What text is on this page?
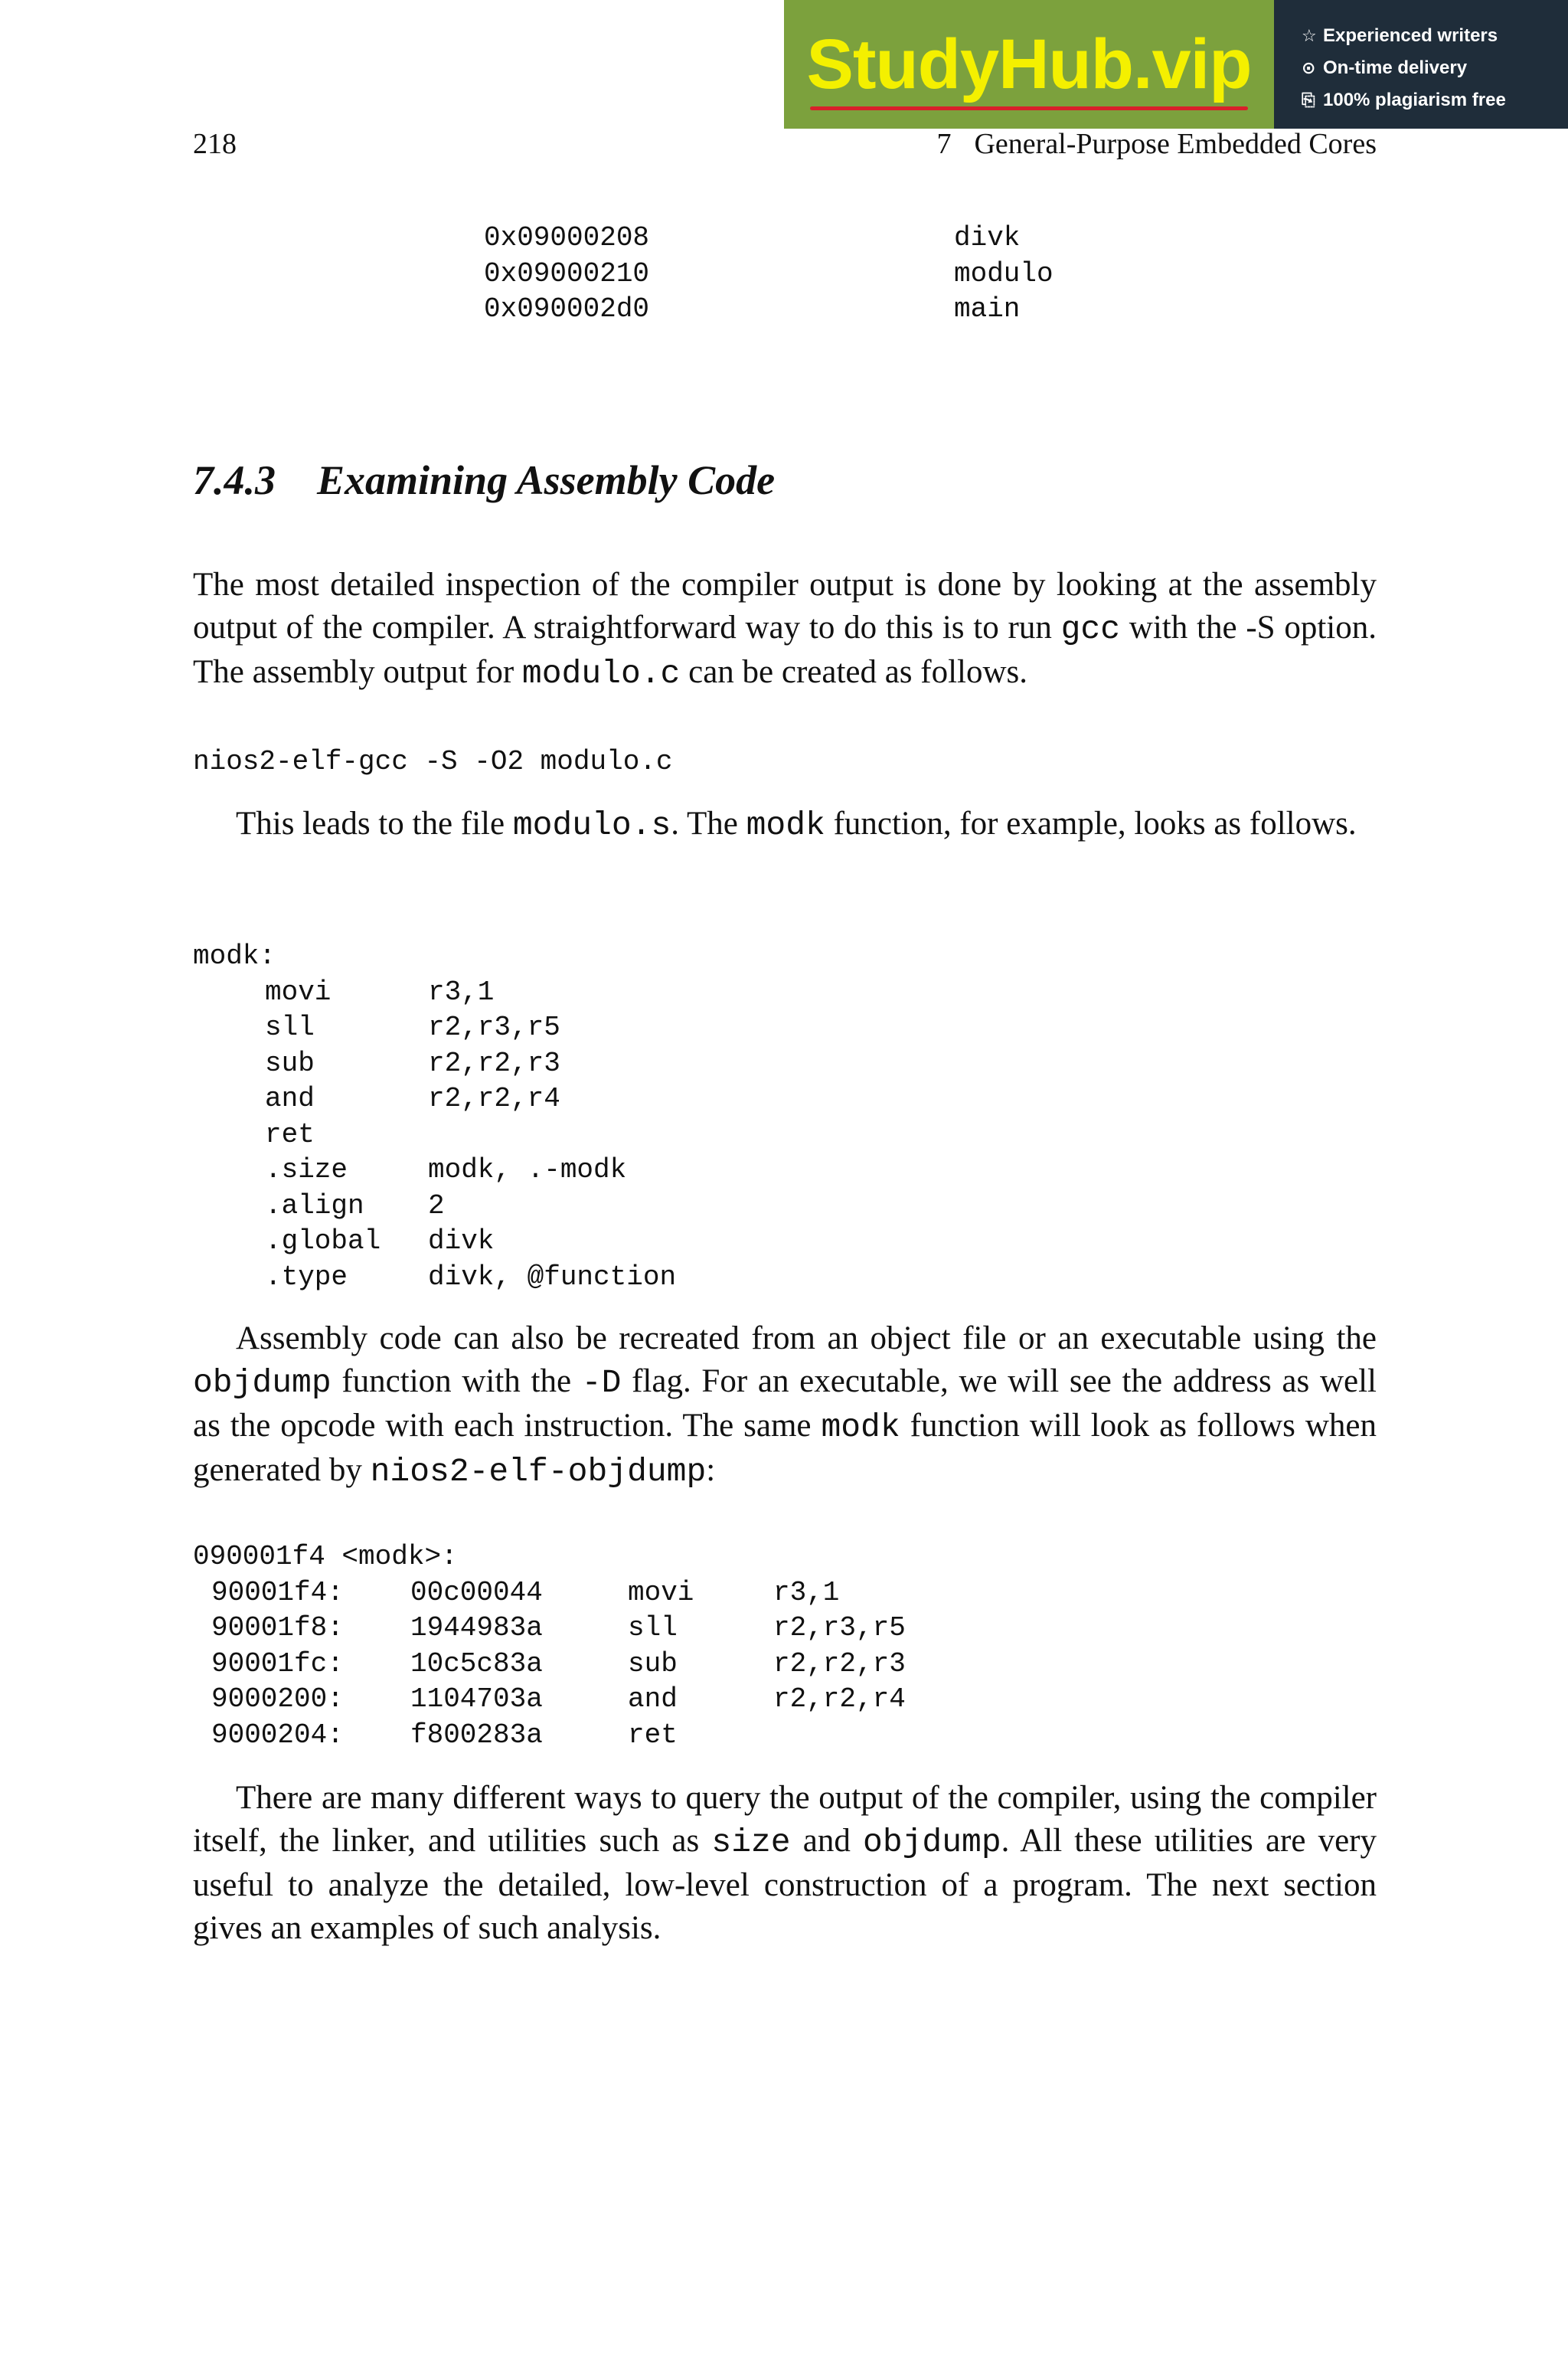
StudyHub.vip	☆ Experienced writers
⊙ On-time delivery
⎘ 100% plagiarism free
218	7 General-Purpose Embedded Cores
0x09000208	divk
0x09000210	modulo
0x090002d0	main
7.4.3 Examining Assembly Code

The most detailed inspection of the compiler output is done by looking at the assembly output of the compiler. A straightforward way to do this is to run gcc with the -S option. The assembly output for modulo.c can be created as follows.

nios2-elf-gcc -S -O2 modulo.c

This leads to the file modulo.s. The modk function, for example, looks as follows.

modk:
movi	r3,1
sll	r2,r3,r5
sub	r2,r2,r3
and	r2,r2,r4
ret
.size	modk, .-modk
.align 2
.global divk
.type	divk, @function

Assembly code can also be recreated from an object file or an executable using the objdump function with the -D flag. For an executable, we will see the address as well as the opcode with each instruction. The same modk function will look as follows when generated by nios2-elf-objdump:

090001f4 <modk>:
90001f4: 00c00044	movi	r3,1
90001f8: 1944983a	sll	r2,r3,r5
90001fc: 10c5c83a	sub	r2,r2,r3
9000200: 1104703a	and	r2,r2,r4
9000204: f800283a	ret

There are many different ways to query the output of the compiler, using the compiler itself, the linker, and utilities such as size and objdump. All these utilities are very useful to analyze the detailed, low-level construction of a program. The next section gives an examples of such analysis.
